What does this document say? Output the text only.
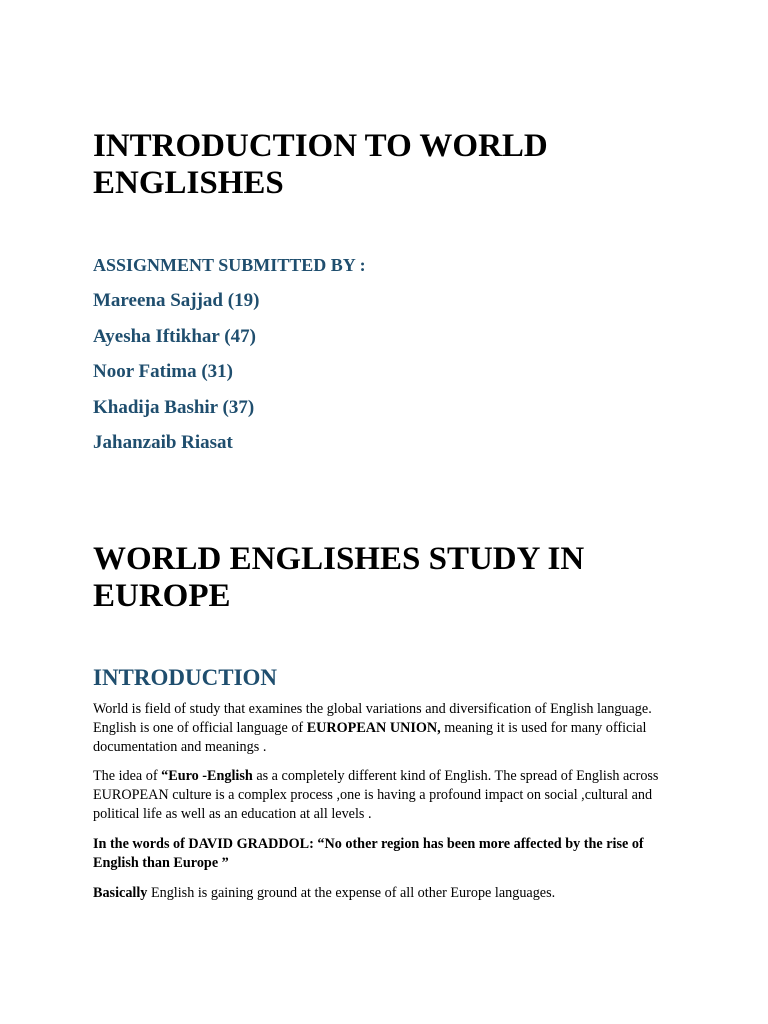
INTRODUCTION TO WORLD ENGLISHES

ASSIGNMENT SUBMITTED BY :

Mareena Sajjad (19)
Ayesha Iftikhar (47)
Noor Fatima (31)
Khadija Bashir (37)
Jahanzaib Riasat
WORLD ENGLISHES STUDY IN EUROPE
INTRODUCTION

World is field of study that examines the global variations and diversification of English language. English is one of official language of EUROPEAN UNION, meaning it is used for many official documentation and meanings .

The idea of “Euro -English as a completely different kind of English. The spread of English across EUROPEAN culture is a complex process ,one is having a profound impact on social ,cultural and political life as well as an education at all levels .

In the words of DAVID GRADDOL: “No other region has been more affected by the rise of English than Europe ”

Basically English is gaining ground at the expense of all other Europe languages.
